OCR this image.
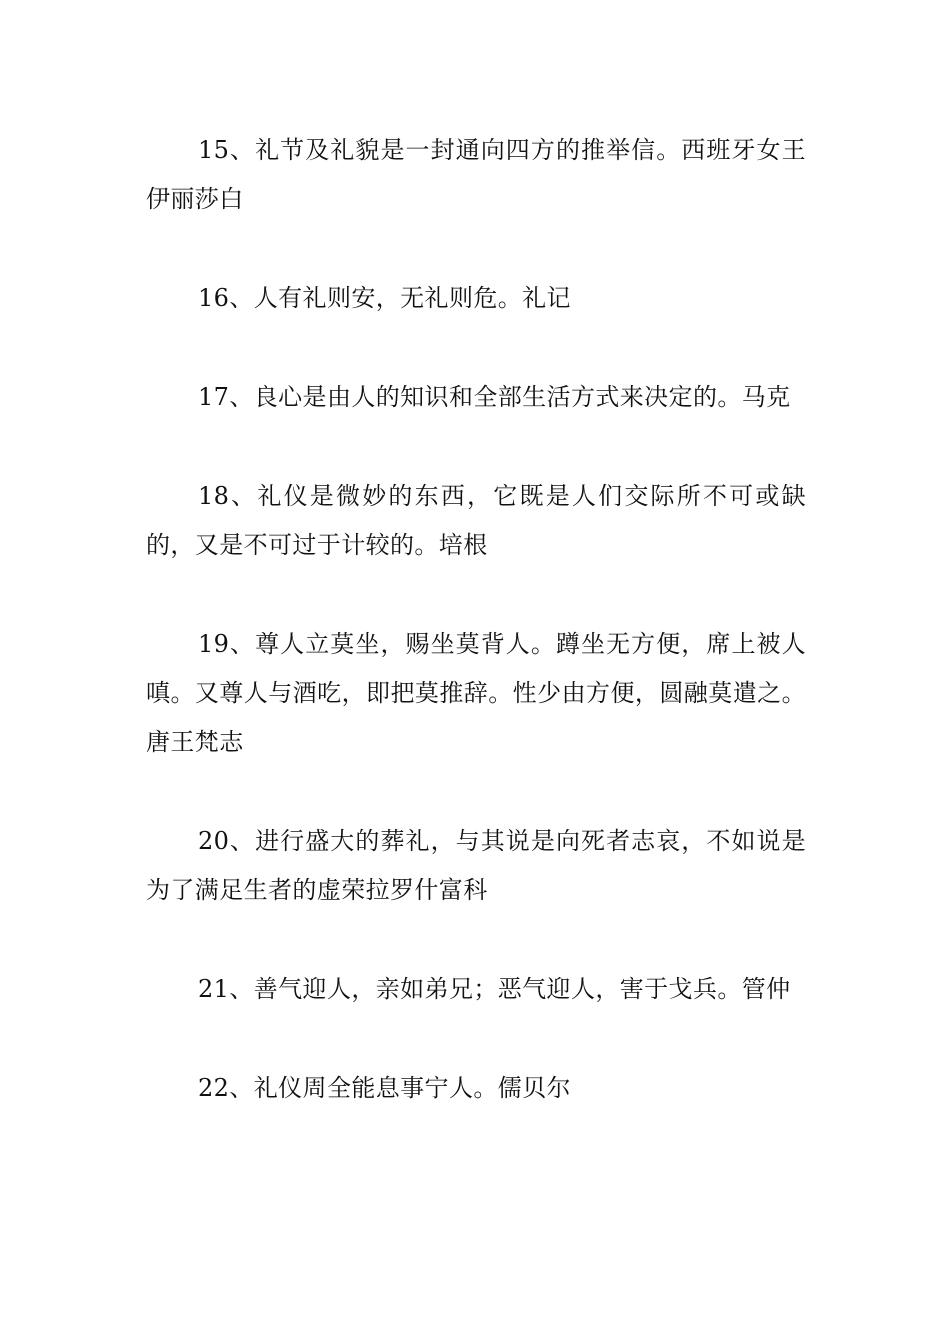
15、礼节及礼貌是一封通向四方的推举信。西班牙女王伊丽莎白

16、人有礼则安，无礼则危。礼记

17、良心是由人的知识和全部生活方式来决定的。马克

18、礼仪是微妙的东西，它既是人们交际所不可或缺的，又是不可过于计较的。培根

19、尊人立莫坐，赐坐莫背人。蹲坐无方便，席上被人嗔。又尊人与酒吃，即把莫推辞。性少由方便，圆融莫遣之。唐王梵志

20、进行盛大的葬礼，与其说是向死者志哀，不如说是为了满足生者的虚荣拉罗什富科

21、善气迎人，亲如弟兄；恶气迎人，害于戈兵。管仲

22、礼仪周全能息事宁人。儒贝尔
